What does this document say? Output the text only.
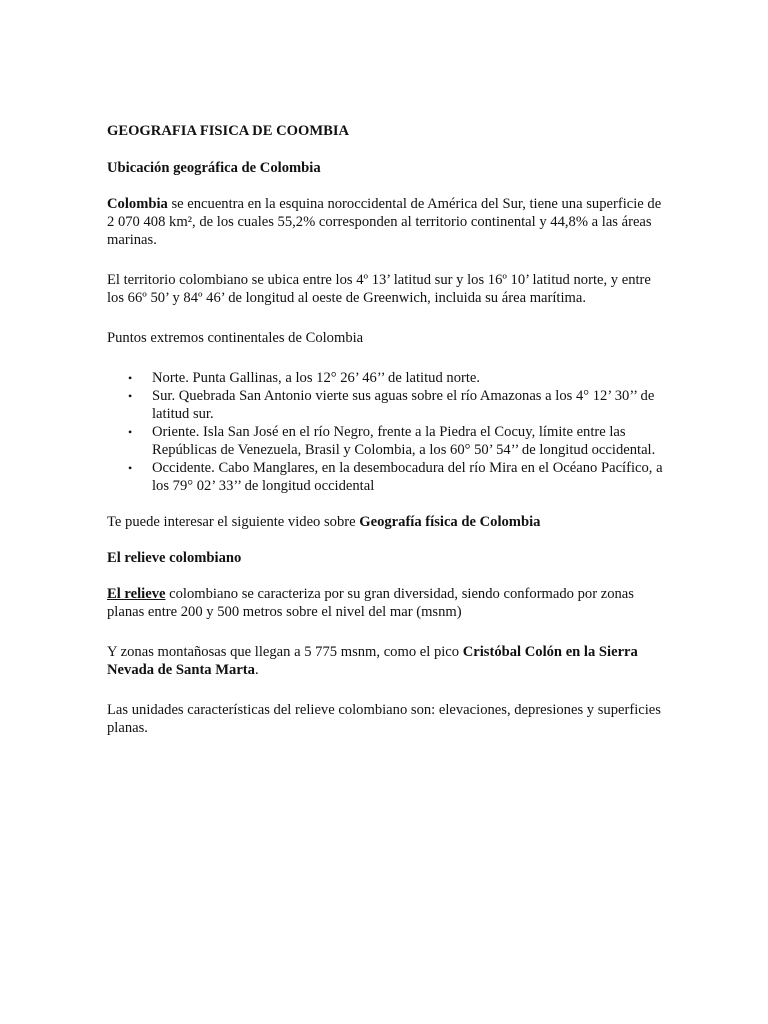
GEOGRAFIA FISICA DE COOMBIA
Ubicación geográfica de Colombia

Colombia se encuentra en la esquina noroccidental de América del Sur, tiene una superficie de 2 070 408 km², de los cuales 55,2% corresponden al territorio continental y 44,8% a las áreas marinas.

El territorio colombiano se ubica entre los 4º 13’ latitud sur y los 16º 10’ latitud norte, y entre los 66º 50’ y 84º 46’ de longitud al oeste de Greenwich, incluida su área marítima.

Puntos extremos continentales de Colombia

• Norte. Punta Gallinas, a los 12° 26’ 46’’ de latitud norte.
• Sur. Quebrada San Antonio vierte sus aguas sobre el río Amazonas a los 4° 12’ 30’’ de latitud sur.
• Oriente. Isla San José en el río Negro, frente a la Piedra el Cocuy, límite entre las Repúblicas de Venezuela, Brasil y Colombia, a los 60° 50’ 54’’ de longitud occidental.
• Occidente. Cabo Manglares, en la desembocadura del río Mira en el Océano Pacífico, a los 79° 02’ 33’’ de longitud occidental

Te puede interesar el siguiente video sobre Geografía física de Colombia

El relieve colombiano

El relieve colombiano se caracteriza por su gran diversidad, siendo conformado por zonas planas entre 200 y 500 metros sobre el nivel del mar (msnm)

Y zonas montañosas que llegan a 5 775 msnm, como el pico Cristóbal Colón en la Sierra Nevada de Santa Marta.

Las unidades características del relieve colombiano son: elevaciones, depresiones y superficies planas.
